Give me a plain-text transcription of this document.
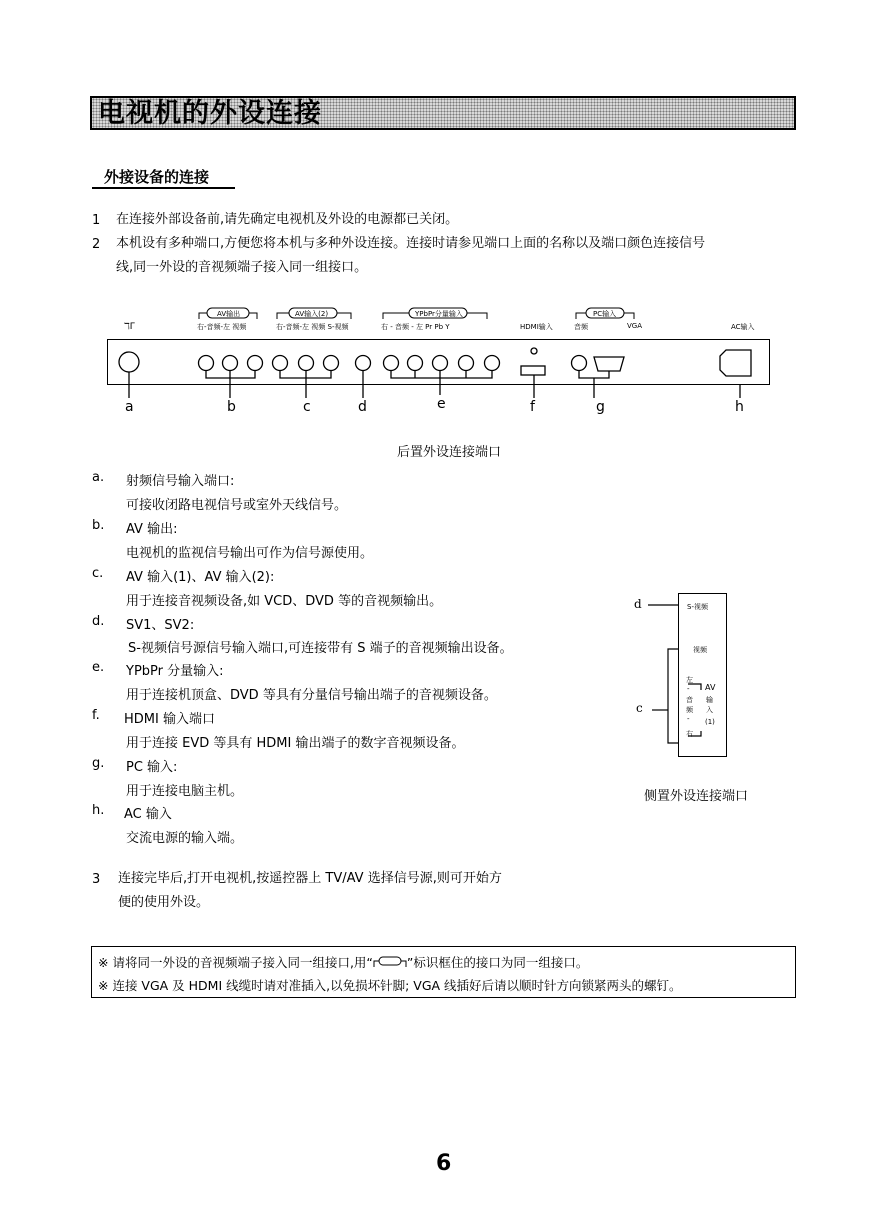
电视机的外设连接
外接设备的连接
1 在连接外部设备前,请先确定电视机及外设的电源都已关闭。
2 本机设有多种端口,方便您将本机与多种外设连接。连接时请参见端口上面的名称以及端口颜色连接信号
线,同一外设的音视频端子接入同一组接口。
ℸΓ
AV输出
右-音频-左 视频
AV输入(2)
右-音频-左 视频 S-视频
YPbPr分量输入
右 - 音频 - 左 Pr Pb Y	HDMI输入
PC输入
音频	VGA	AC输入
a	b	c	d	e	f	g	h
后置外设连接端口
a. 射频信号输入端口:
可接收闭路电视信号或室外天线信号。
b. AV 输出:
电视机的监视信号输出可作为信号源使用。
c. AV 输入(1)、AV 输入(2):
用于连接音视频设备,如 VCD、DVD 等的音视频输出。
d. SV1、SV2:
S-视频信号源信号输入端口,可连接带有 S 端子的音视频输出设备。
e. YPbPr 分量输入:
用于连接机顶盒、DVD 等具有分量信号输出端子的音视频设备。
f. HDMI 输入端口
用于连接 EVD 等具有 HDMI 输出端子的数字音视频设备。
g. PC 输入:
用于连接电脑主机。
h. AC 输入
交流电源的输入端。
d
c
S-视频
视频
左
-
音
频
-
右
AV
输
入
(1)
侧置外设连接端口
3 连接完毕后,打开电视机,按遥控器上 TV/AV 选择信号源,则可开始方
便的使用外设。
※ 请将同一外设的音视频端子接入同一组接口,用“	”标识框住的接口为同一组接口。
※ 连接 VGA 及 HDMI 线缆时请对准插入,以免损坏针脚; VGA 线插好后请以顺时针方向锁紧两头的螺钉。
6
